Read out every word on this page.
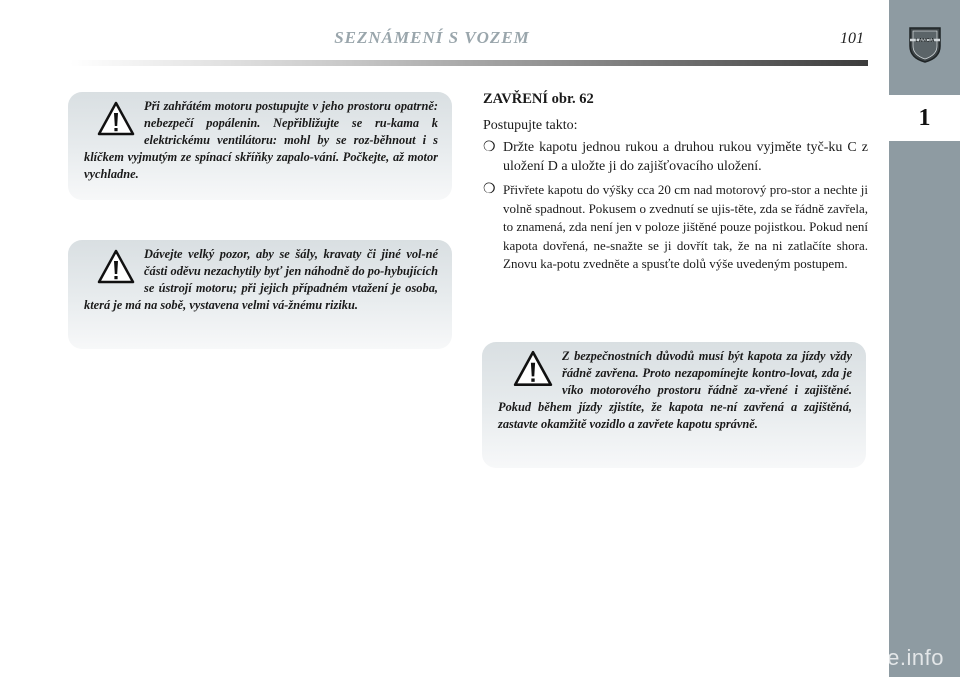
LANCIA
1
SEZNÁMENÍ S VOZEM	101
Při zahřátém motoru postupujte v jeho prostoru opatrně: nebezpečí popálenin. Nepřibližujte se ru-kama k elektrickému ventilátoru: mohl by se roz-běhnout i s klíčkem vyjmutým ze spínací skříňky zapalo-vání. Počkejte, až motor vychladne.
Dávejte velký pozor, aby se šály, kravaty či jiné vol-né části oděvu nezachytily byť jen náhodně do po-hybujících se ústrojí motoru; při jejich případném vtažení je osoba, která je má na sobě, vystavena velmi vá-žnému riziku.
ZAVŘENÍ obr. 62

Postupujte takto:

❍ Držte kapotu jednou rukou a druhou rukou vyjměte tyč-ku C z uložení D a uložte ji do zajišťovacího uložení.
❍ Přivřete kapotu do výšky cca 20 cm nad motorový pro-stor a nechte ji volně spadnout. Pokusem o zvednutí se ujis-těte, zda se řádně zavřela, to znamená, zda není jen v poloze jištěné pouze pojistkou. Pokud není kapota dovřená, ne-snažte se ji dovřít tak, že na ni zatlačíte shora. Znovu ka-potu zvedněte a spusťte dolů výše uvedeným postupem.
Z bezpečnostních důvodů musí být kapota za jízdy vždy řádně zavřena. Proto nezapomínejte kontro-lovat, zda je víko motorového prostoru řádně za-vřené i zajištěné. Pokud během jízdy zjistíte, že kapota ne-ní zavřená a zajištěná, zastavte okamžitě vozidlo a zavřete kapotu správně.
carmanualsonline.info
